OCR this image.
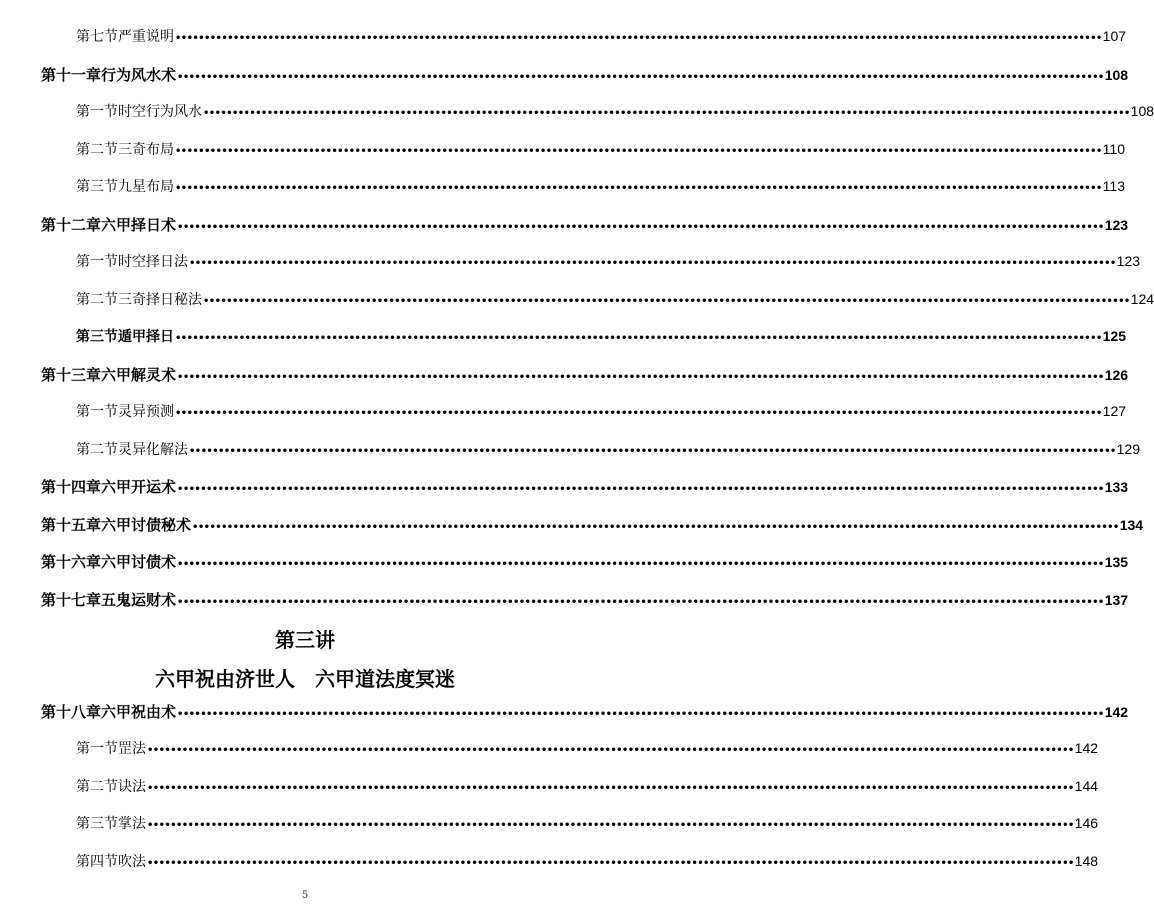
第七节 严重说明 •••••••••••••••••••••••••••••••••••••••••••••••••••••••••••••••••••••••••••••••••••••••••••••••••••••••••••••••••••••••••••••••••••••••••••••••••••••••••••••••• 107
第十一章 行为风水术 •••••••••••••••••••••••••••••••••••••••••••••••••••••••••••••••••••••••••••••••••••••••••••••••••••••••••••••••••••••••••••••••••••••••••••••••••••••••••••••••• 108
第一节 时空行为风水 •••••••••••••••••••••••••••••••••••••••••••••••••••••••••••••••••••••••••••••••••••••••••••••••••••••••••••••••••••••••••••••••••••••••••••••••••••••••••••••••• 108
第二节 三奇布局 •••••••••••••••••••••••••••••••••••••••••••••••••••••••••••••••••••••••••••••••••••••••••••••••••••••••••••••••••••••••••••••••••••••••••••••••••••••••••••••••• 110
第三节 九星布局 •••••••••••••••••••••••••••••••••••••••••••••••••••••••••••••••••••••••••••••••••••••••••••••••••••••••••••••••••••••••••••••••••••••••••••••••••••••••••••••••• 113
第十二章 六甲择日术 •••••••••••••••••••••••••••••••••••••••••••••••••••••••••••••••••••••••••••••••••••••••••••••••••••••••••••••••••••••••••••••••••••••••••••••••••••••••••••••••• 123
第一节 时空择日法 •••••••••••••••••••••••••••••••••••••••••••••••••••••••••••••••••••••••••••••••••••••••••••••••••••••••••••••••••••••••••••••••••••••••••••••••••••••••••••••••• 123
第二节 三奇择日秘法 •••••••••••••••••••••••••••••••••••••••••••••••••••••••••••••••••••••••••••••••••••••••••••••••••••••••••••••••••••••••••••••••••••••••••••••••••••••••••••••••• 124
第三节 遁甲择日 •••••••••••••••••••••••••••••••••••••••••••••••••••••••••••••••••••••••••••••••••••••••••••••••••••••••••••••••••••••••••••••••••••••••••••••••••••••••••••••••• 125
第十三章 六甲解灵术 •••••••••••••••••••••••••••••••••••••••••••••••••••••••••••••••••••••••••••••••••••••••••••••••••••••••••••••••••••••••••••••••••••••••••••••••••••••••••••••••• 126
第一节 灵异预测 •••••••••••••••••••••••••••••••••••••••••••••••••••••••••••••••••••••••••••••••••••••••••••••••••••••••••••••••••••••••••••••••••••••••••••••••••••••••••••••••• 127
第二节 灵异化解法 •••••••••••••••••••••••••••••••••••••••••••••••••••••••••••••••••••••••••••••••••••••••••••••••••••••••••••••••••••••••••••••••••••••••••••••••••••••••••••••••• 129
第十四章 六甲开运术 •••••••••••••••••••••••••••••••••••••••••••••••••••••••••••••••••••••••••••••••••••••••••••••••••••••••••••••••••••••••••••••••••••••••••••••••••••••••••••••••• 133
第十五章 六甲讨债秘术 •••••••••••••••••••••••••••••••••••••••••••••••••••••••••••••••••••••••••••••••••••••••••••••••••••••••••••••••••••••••••••••••••••••••••••••••••••••••••••••••• 134
第十六章 六甲讨债术 •••••••••••••••••••••••••••••••••••••••••••••••••••••••••••••••••••••••••••••••••••••••••••••••••••••••••••••••••••••••••••••••••••••••••••••••••••••••••••••••• 135
第十七章 五鬼运财术 •••••••••••••••••••••••••••••••••••••••••••••••••••••••••••••••••••••••••••••••••••••••••••••••••••••••••••••••••••••••••••••••••••••••••••••••••••••••••••••••• 137
第十八章 六甲祝由术 •••••••••••••••••••••••••••••••••••••••••••••••••••••••••••••••••••••••••••••••••••••••••••••••••••••••••••••••••••••••••••••••••••••••••••••••••••••••••••••••• 142
第一节 罡法 •••••••••••••••••••••••••••••••••••••••••••••••••••••••••••••••••••••••••••••••••••••••••••••••••••••••••••••••••••••••••••••••••••••••••••••••••••••••••••••••• 142
第二节 诀法 •••••••••••••••••••••••••••••••••••••••••••••••••••••••••••••••••••••••••••••••••••••••••••••••••••••••••••••••••••••••••••••••••••••••••••••••••••••••••••••••• 144
第三节 掌法 •••••••••••••••••••••••••••••••••••••••••••••••••••••••••••••••••••••••••••••••••••••••••••••••••••••••••••••••••••••••••••••••••••••••••••••••••••••••••••••••• 146
第四节 吹法 •••••••••••••••••••••••••••••••••••••••••••••••••••••••••••••••••••••••••••••••••••••••••••••••••••••••••••••••••••••••••••••••••••••••••••••••••••••••••••••••• 148
第三讲
六甲祝由济世人　六甲道法度冥迷
5
